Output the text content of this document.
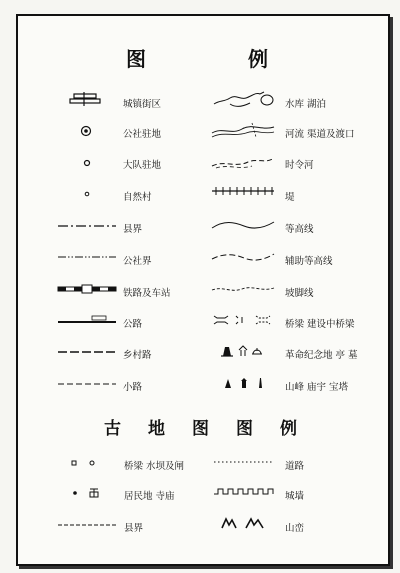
图	例
城镇街区
公社驻地
大队驻地
自然村
县界
公社界
铁路及车站
公路
乡村路
小路
水库 湖泊
河流 渠道及渡口
时令河
堤
等高线
辅助等高线
坡脚线
桥梁 建设中桥梁
革命纪念地 亭 墓
山峰 庙宇 宝塔
古 地 图 图 例
桥梁 水坝及闸
居民地 寺庙
县界
道路
城墙
山峦
